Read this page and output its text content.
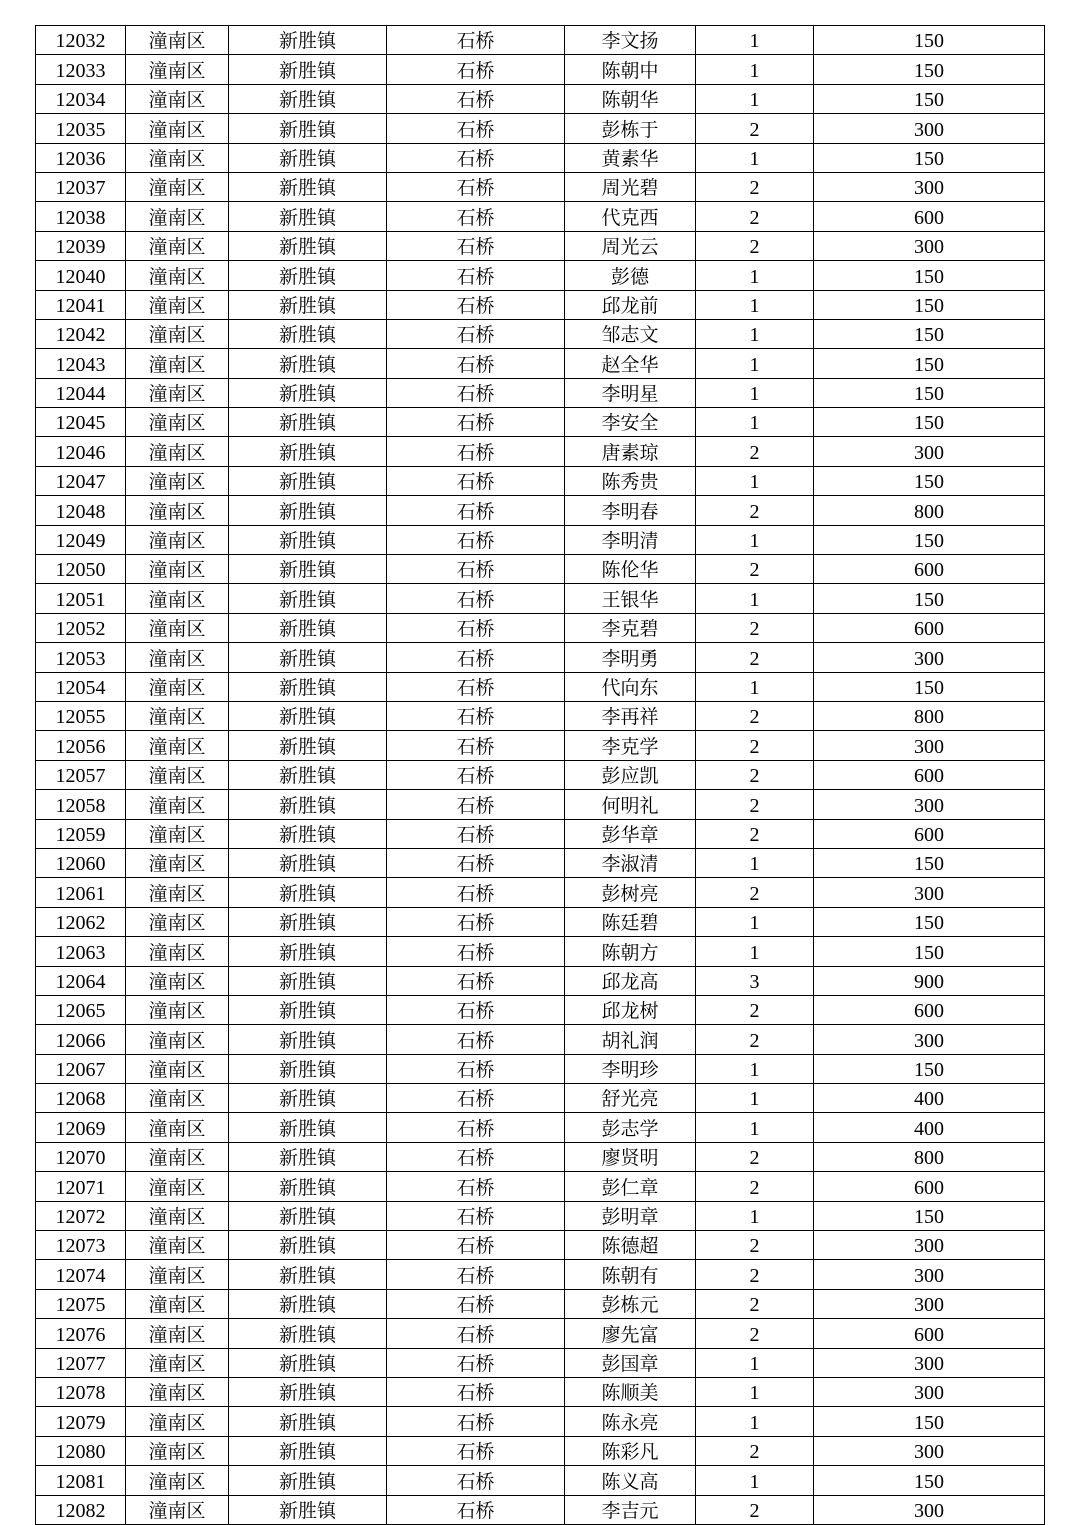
12032	潼南区	新胜镇	石桥	李文扬	1	150
12033	潼南区	新胜镇	石桥	陈朝中	1	150
12034	潼南区	新胜镇	石桥	陈朝华	1	150
12035	潼南区	新胜镇	石桥	彭栋于	2	300
12036	潼南区	新胜镇	石桥	黄素华	1	150
12037	潼南区	新胜镇	石桥	周光碧	2	300
12038	潼南区	新胜镇	石桥	代克西	2	600
12039	潼南区	新胜镇	石桥	周光云	2	300
12040	潼南区	新胜镇	石桥	彭德	1	150
12041	潼南区	新胜镇	石桥	邱龙前	1	150
12042	潼南区	新胜镇	石桥	邹志文	1	150
12043	潼南区	新胜镇	石桥	赵全华	1	150
12044	潼南区	新胜镇	石桥	李明星	1	150
12045	潼南区	新胜镇	石桥	李安全	1	150
12046	潼南区	新胜镇	石桥	唐素琼	2	300
12047	潼南区	新胜镇	石桥	陈秀贵	1	150
12048	潼南区	新胜镇	石桥	李明春	2	800
12049	潼南区	新胜镇	石桥	李明清	1	150
12050	潼南区	新胜镇	石桥	陈伦华	2	600
12051	潼南区	新胜镇	石桥	王银华	1	150
12052	潼南区	新胜镇	石桥	李克碧	2	600
12053	潼南区	新胜镇	石桥	李明勇	2	300
12054	潼南区	新胜镇	石桥	代向东	1	150
12055	潼南区	新胜镇	石桥	李再祥	2	800
12056	潼南区	新胜镇	石桥	李克学	2	300
12057	潼南区	新胜镇	石桥	彭应凯	2	600
12058	潼南区	新胜镇	石桥	何明礼	2	300
12059	潼南区	新胜镇	石桥	彭华章	2	600
12060	潼南区	新胜镇	石桥	李淑清	1	150
12061	潼南区	新胜镇	石桥	彭树亮	2	300
12062	潼南区	新胜镇	石桥	陈廷碧	1	150
12063	潼南区	新胜镇	石桥	陈朝方	1	150
12064	潼南区	新胜镇	石桥	邱龙高	3	900
12065	潼南区	新胜镇	石桥	邱龙树	2	600
12066	潼南区	新胜镇	石桥	胡礼润	2	300
12067	潼南区	新胜镇	石桥	李明珍	1	150
12068	潼南区	新胜镇	石桥	舒光亮	1	400
12069	潼南区	新胜镇	石桥	彭志学	1	400
12070	潼南区	新胜镇	石桥	廖贤明	2	800
12071	潼南区	新胜镇	石桥	彭仁章	2	600
12072	潼南区	新胜镇	石桥	彭明章	1	150
12073	潼南区	新胜镇	石桥	陈德超	2	300
12074	潼南区	新胜镇	石桥	陈朝有	2	300
12075	潼南区	新胜镇	石桥	彭栋元	2	300
12076	潼南区	新胜镇	石桥	廖先富	2	600
12077	潼南区	新胜镇	石桥	彭国章	1	300
12078	潼南区	新胜镇	石桥	陈顺美	1	300
12079	潼南区	新胜镇	石桥	陈永亮	1	150
12080	潼南区	新胜镇	石桥	陈彩凡	2	300
12081	潼南区	新胜镇	石桥	陈义高	1	150
12082	潼南区	新胜镇	石桥	李吉元	2	300
